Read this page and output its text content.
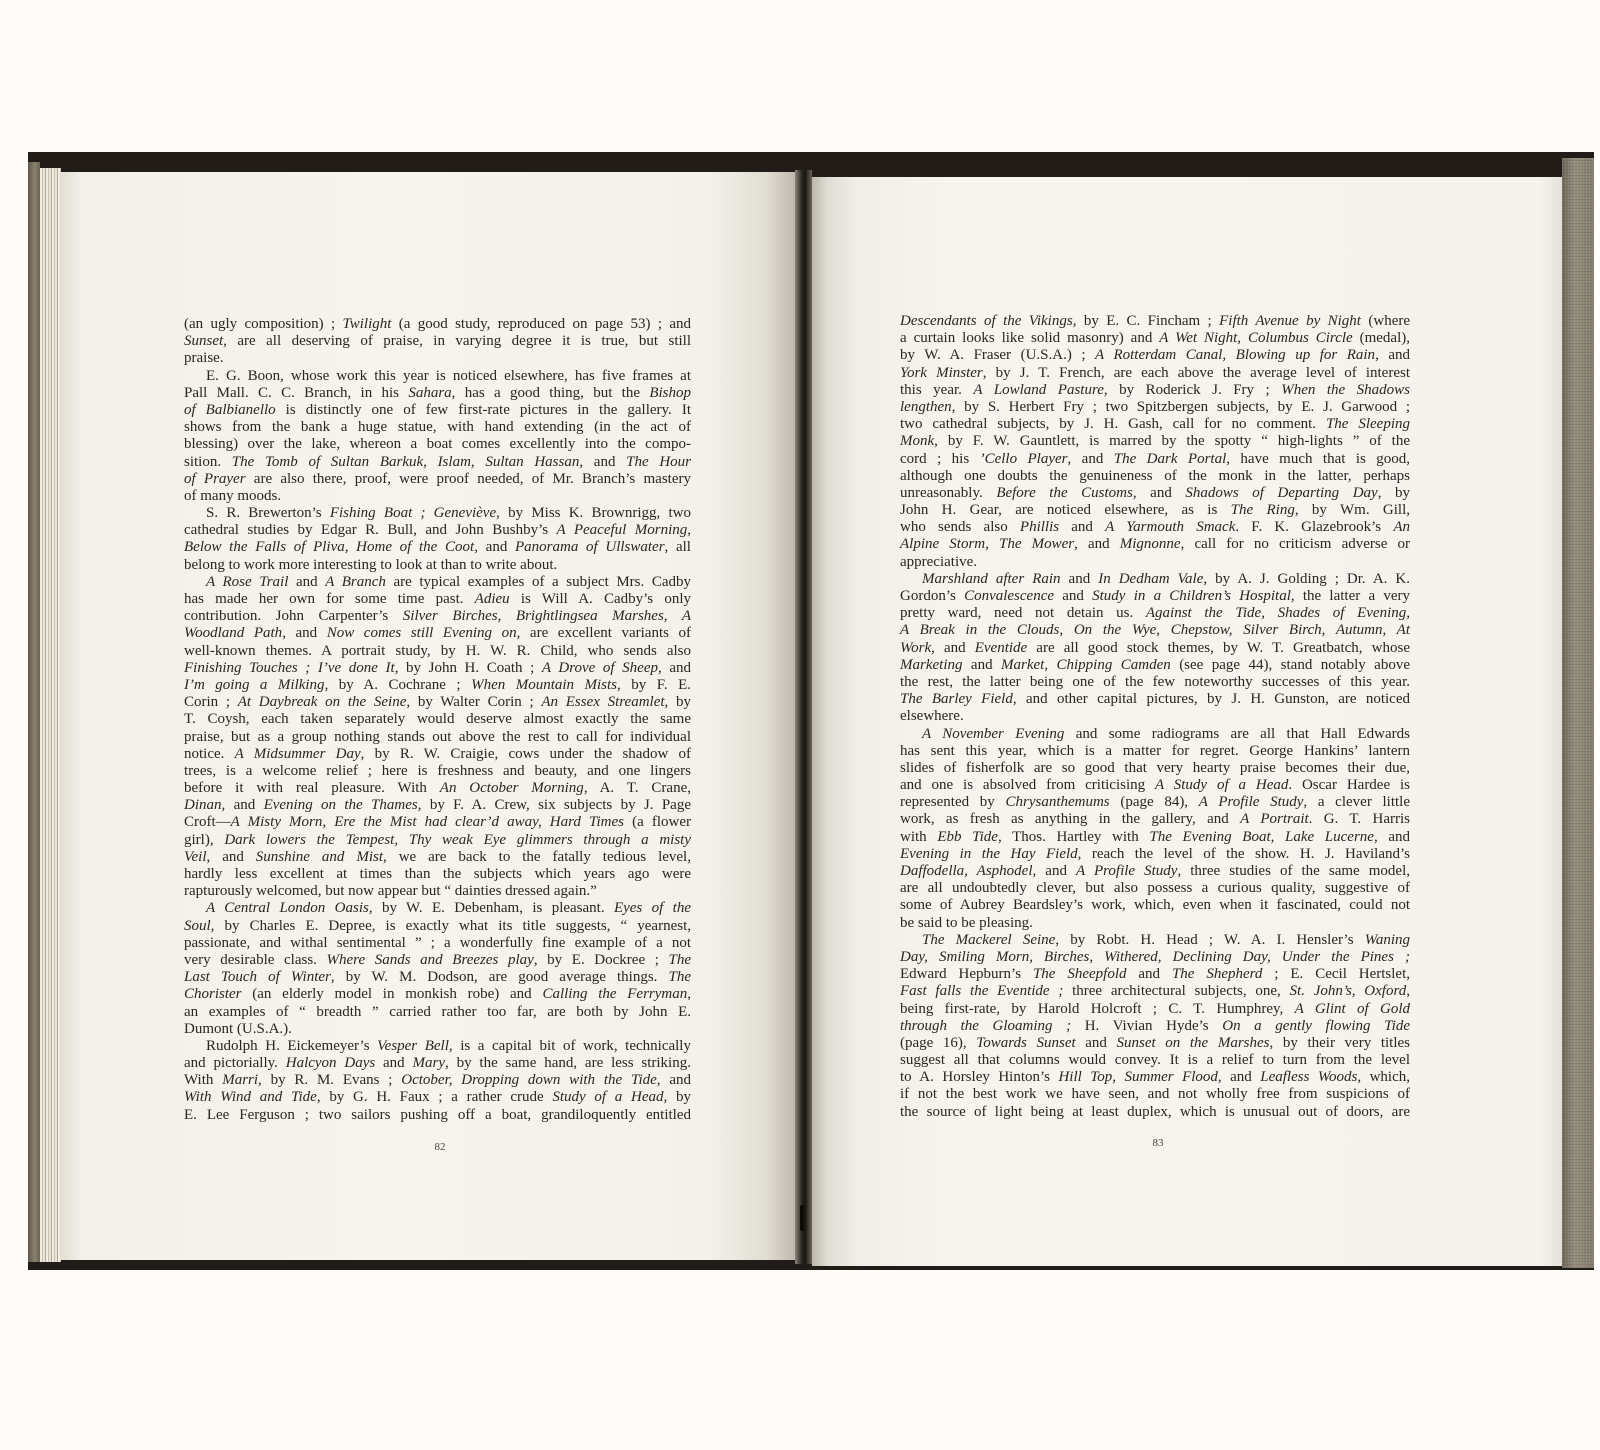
(an ugly composition) ; Twilight (a good study, reproduced on page 53) ; and
Sunset, are all deserving of praise, in varying degree it is true, but still
praise.
E. G. Boon, whose work this year is noticed elsewhere, has five frames at
Pall Mall. C. C. Branch, in his Sahara, has a good thing, but the Bishop
of Balbianello is distinctly one of few first-rate pictures in the gallery. It
shows from the bank a huge statue, with hand extending (in the act of
blessing) over the lake, whereon a boat comes excellently into the compo-
sition. The Tomb of Sultan Barkuk, Islam, Sultan Hassan, and The Hour
of Prayer are also there, proof, were proof needed, of Mr. Branch’s mastery
of many moods.
S. R. Brewerton’s Fishing Boat ; Geneviève, by Miss K. Brownrigg, two
cathedral studies by Edgar R. Bull, and John Bushby’s A Peaceful Morning,
Below the Falls of Pliva, Home of the Coot, and Panorama of Ullswater, all
belong to work more interesting to look at than to write about.
A Rose Trail and A Branch are typical examples of a subject Mrs. Cadby
has made her own for some time past. Adieu is Will A. Cadby’s only
contribution. John Carpenter’s Silver Birches, Brightlingsea Marshes, A
Woodland Path, and Now comes still Evening on, are excellent variants of
well-known themes. A portrait study, by H. W. R. Child, who sends also
Finishing Touches ; I’ve done It, by John H. Coath ; A Drove of Sheep, and
I’m going a Milking, by A. Cochrane ; When Mountain Mists, by F. E.
Corin ; At Daybreak on the Seine, by Walter Corin ; An Essex Streamlet, by
T. Coysh, each taken separately would deserve almost exactly the same
praise, but as a group nothing stands out above the rest to call for individual
notice. A Midsummer Day, by R. W. Craigie, cows under the shadow of
trees, is a welcome relief ; here is freshness and beauty, and one lingers
before it with real pleasure. With An October Morning, A. T. Crane,
Dinan, and Evening on the Thames, by F. A. Crew, six subjects by J. Page
Croft—A Misty Morn, Ere the Mist had clear’d away, Hard Times (a flower
girl), Dark lowers the Tempest, Thy weak Eye glimmers through a misty
Veil, and Sunshine and Mist, we are back to the fatally tedious level,
hardly less excellent at times than the subjects which years ago were
rapturously welcomed, but now appear but “ dainties dressed again.”
A Central London Oasis, by W. E. Debenham, is pleasant. Eyes of the
Soul, by Charles E. Depree, is exactly what its title suggests, “ yearnest,
passionate, and withal sentimental ” ; a wonderfully fine example of a not
very desirable class. Where Sands and Breezes play, by E. Dockree ; The
Last Touch of Winter, by W. M. Dodson, are good average things. The
Chorister (an elderly model in monkish robe) and Calling the Ferryman,
an examples of “ breadth ” carried rather too far, are both by John E.
Dumont (U.S.A.).
Rudolph H. Eickemeyer’s Vesper Bell, is a capital bit of work, technically
and pictorially. Halcyon Days and Mary, by the same hand, are less striking.
With Marri, by R. M. Evans ; October, Dropping down with the Tide, and
With Wind and Tide, by G. H. Faux ; a rather crude Study of a Head, by
E. Lee Ferguson ; two sailors pushing off a boat, grandiloquently entitled
Descendants of the Vikings, by E. C. Fincham ; Fifth Avenue by Night (where
a curtain looks like solid masonry) and A Wet Night, Columbus Circle (medal),
by W. A. Fraser (U.S.A.) ; A Rotterdam Canal, Blowing up for Rain, and
York Minster, by J. T. French, are each above the average level of interest
this year. A Lowland Pasture, by Roderick J. Fry ; When the Shadows
lengthen, by S. Herbert Fry ; two Spitzbergen subjects, by E. J. Garwood ;
two cathedral subjects, by J. H. Gash, call for no comment. The Sleeping
Monk, by F. W. Gauntlett, is marred by the spotty “ high-lights ” of the
cord ; his ’Cello Player, and The Dark Portal, have much that is good,
although one doubts the genuineness of the monk in the latter, perhaps
unreasonably. Before the Customs, and Shadows of Departing Day, by
John H. Gear, are noticed elsewhere, as is The Ring, by Wm. Gill,
who sends also Phillis and A Yarmouth Smack. F. K. Glazebrook’s An
Alpine Storm, The Mower, and Mignonne, call for no criticism adverse or
appreciative.
Marshland after Rain and In Dedham Vale, by A. J. Golding ; Dr. A. K.
Gordon’s Convalescence and Study in a Children’s Hospital, the latter a very
pretty ward, need not detain us. Against the Tide, Shades of Evening,
A Break in the Clouds, On the Wye, Chepstow, Silver Birch, Autumn, At
Work, and Eventide are all good stock themes, by W. T. Greatbatch, whose
Marketing and Market, Chipping Camden (see page 44), stand notably above
the rest, the latter being one of the few noteworthy successes of this year.
The Barley Field, and other capital pictures, by J. H. Gunston, are noticed
elsewhere.
A November Evening and some radiograms are all that Hall Edwards
has sent this year, which is a matter for regret. George Hankins’ lantern
slides of fisherfolk are so good that very hearty praise becomes their due,
and one is absolved from criticising A Study of a Head. Oscar Hardee is
represented by Chrysanthemums (page 84), A Profile Study, a clever little
work, as fresh as anything in the gallery, and A Portrait. G. T. Harris
with Ebb Tide, Thos. Hartley with The Evening Boat, Lake Lucerne, and
Evening in the Hay Field, reach the level of the show. H. J. Haviland’s
Daffodella, Asphodel, and A Profile Study, three studies of the same model,
are all undoubtedly clever, but also possess a curious quality, suggestive of
some of Aubrey Beardsley’s work, which, even when it fascinated, could not
be said to be pleasing.
The Mackerel Seine, by Robt. H. Head ; W. A. I. Hensler’s Waning
Day, Smiling Morn, Birches, Withered, Declining Day, Under the Pines ;
Edward Hepburn’s The Sheepfold and The Shepherd ; E. Cecil Hertslet,
Fast falls the Eventide ; three architectural subjects, one, St. John’s, Oxford,
being first-rate, by Harold Holcroft ; C. T. Humphrey, A Glint of Gold
through the Gloaming ; H. Vivian Hyde’s On a gently flowing Tide
(page 16), Towards Sunset and Sunset on the Marshes, by their very titles
suggest all that columns would convey. It is a relief to turn from the level
to A. Horsley Hinton’s Hill Top, Summer Flood, and Leafless Woods, which,
if not the best work we have seen, and not wholly free from suspicions of
the source of light being at least duplex, which is unusual out of doors, are
82	83
